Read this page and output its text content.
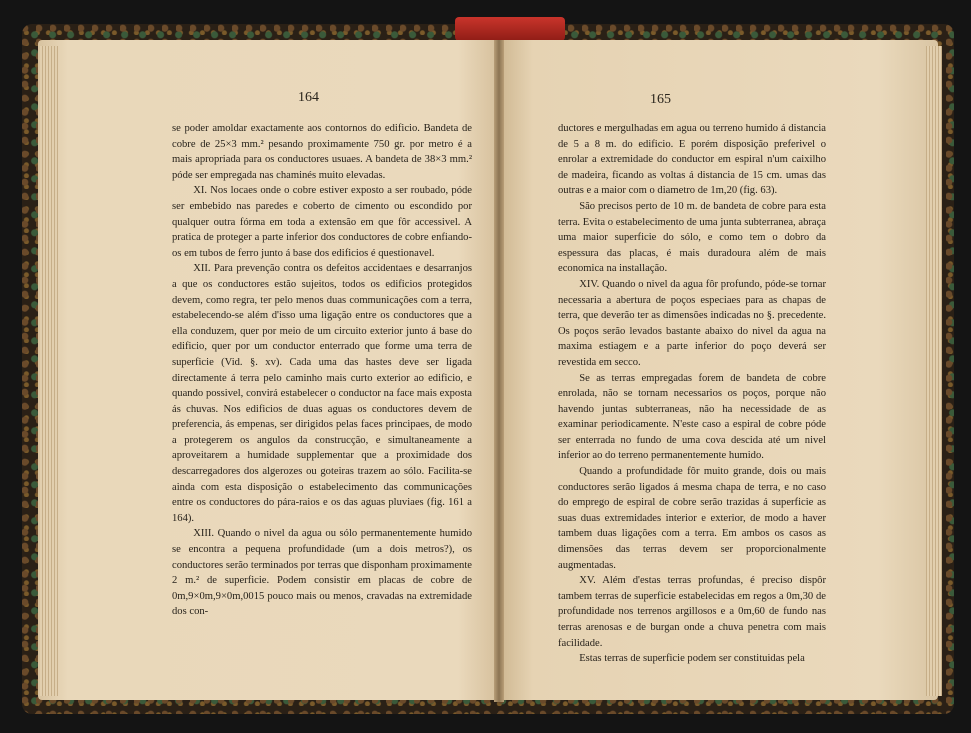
164

se poder amoldar exactamente aos contornos do edificio. Bandeta de cobre de 25×3 mm.² pesando proximamente 750 gr. por metro é a mais apropriada para os conductores usuaes. A bandeta de 38×3 mm.² póde ser empregada nas chaminés muito elevadas.

XI. Nos locaes onde o cobre estiver exposto a ser roubado, póde ser embebido nas paredes e coberto de cimento ou escondido por qualquer outra fórma em toda a extensão em que fôr accessivel. A pratica de proteger a parte inferior dos conductores de cobre enfiando-os em tubos de ferro junto á base dos edificios é questionavel.

XII. Para prevenção contra os defeitos accidentaes e desarranjos a que os conductores estão sujeitos, todos os edificios protegidos devem, como regra, ter pelo menos duas communicações com a terra, estabelecendo-se além d'isso uma ligação entre os conductores que a ella conduzem, quer por meio de um circuito exterior junto á base do edificio, quer por um conductor enterrado que forme uma terra de superficie (Vid. §. xv). Cada uma das hastes deve ser ligada directamente á terra pelo caminho mais curto exterior ao edificio, e quando possivel, convirá estabelecer o conductor na face mais exposta ás chuvas. Nos edificios de duas aguas os conductores devem de preferencia, ás empenas, ser dirigidos pelas faces principaes, de modo a protegerem os angulos da construcção, e simultaneamente a aproveitarem a humidade supplementar que a proximidade dos descarregadores dos algerozes ou goteiras trazem ao sólo. Facilita-se ainda com esta disposição o estabelecimento das communicações entre os conductores do pára-raios e os das aguas pluviaes (fig. 161 a 164).

XIII. Quando o nivel da agua ou sólo permanentemente humido se encontra a pequena profundidade (um a dois metros?), os conductores serão terminados por terras que disponham proximamente 2 m.² de superficie. Podem consistir em placas de cobre de 0m,9×0m,9×0m,0015 pouco mais ou menos, cravadas na extremidade dos con-

165

ductores e mergulhadas em agua ou terreno humido á distancia de 5 a 8 m. do edificio. E porém disposição preferivel o enrolar a extremidade do conductor em espiral n'um caixilho de madeira, ficando as voltas á distancia de 15 cm. umas das outras e a maior com o diametro de 1m,20 (fig. 63).

São precisos perto de 10 m. de bandeta de cobre para esta terra. Evita o estabelecimento de uma junta subterranea, abraça uma maior superficie do sólo, e como tem o dobro da espessura das placas, é mais duradoura além de mais economica na installação.

XIV. Quando o nivel da agua fôr profundo, póde-se tornar necessaria a abertura de poços especiaes para as chapas de terra, que deverão ter as dimensões indicadas no §. precedente. Os poços serão levados bastante abaixo do nivel da agua na maxima estiagem e a parte inferior do poço deverá ser revestida em secco.

Se as terras empregadas forem de bandeta de cobre enrolada, não se tornam necessarios os poços, porque não havendo juntas subterraneas, não ha necessidade de as examinar periodicamente. N'este caso a espiral de cobre póde ser enterrada no fundo de uma cova descida até um nivel inferior ao do terreno permanentemente humido.

Quando a profundidade fôr muito grande, dois ou mais conductores serão ligados á mesma chapa de terra, e no caso do emprego de espiral de cobre serão trazidas á superficie as suas duas extremidades interior e exterior, de modo a haver tambem duas ligações com a terra. Em ambos os casos as dimensões das terras devem ser proporcionalmente augmentadas.

XV. Além d'estas terras profundas, é preciso dispôr tambem terras de superficie estabelecidas em regos a 0m,30 de profundidade nos terrenos argillosos e a 0m,60 de fundo nas terras arenosas e de burgan onde a chuva penetra com mais facilidade.

Estas terras de superficie podem ser constituidas pela
